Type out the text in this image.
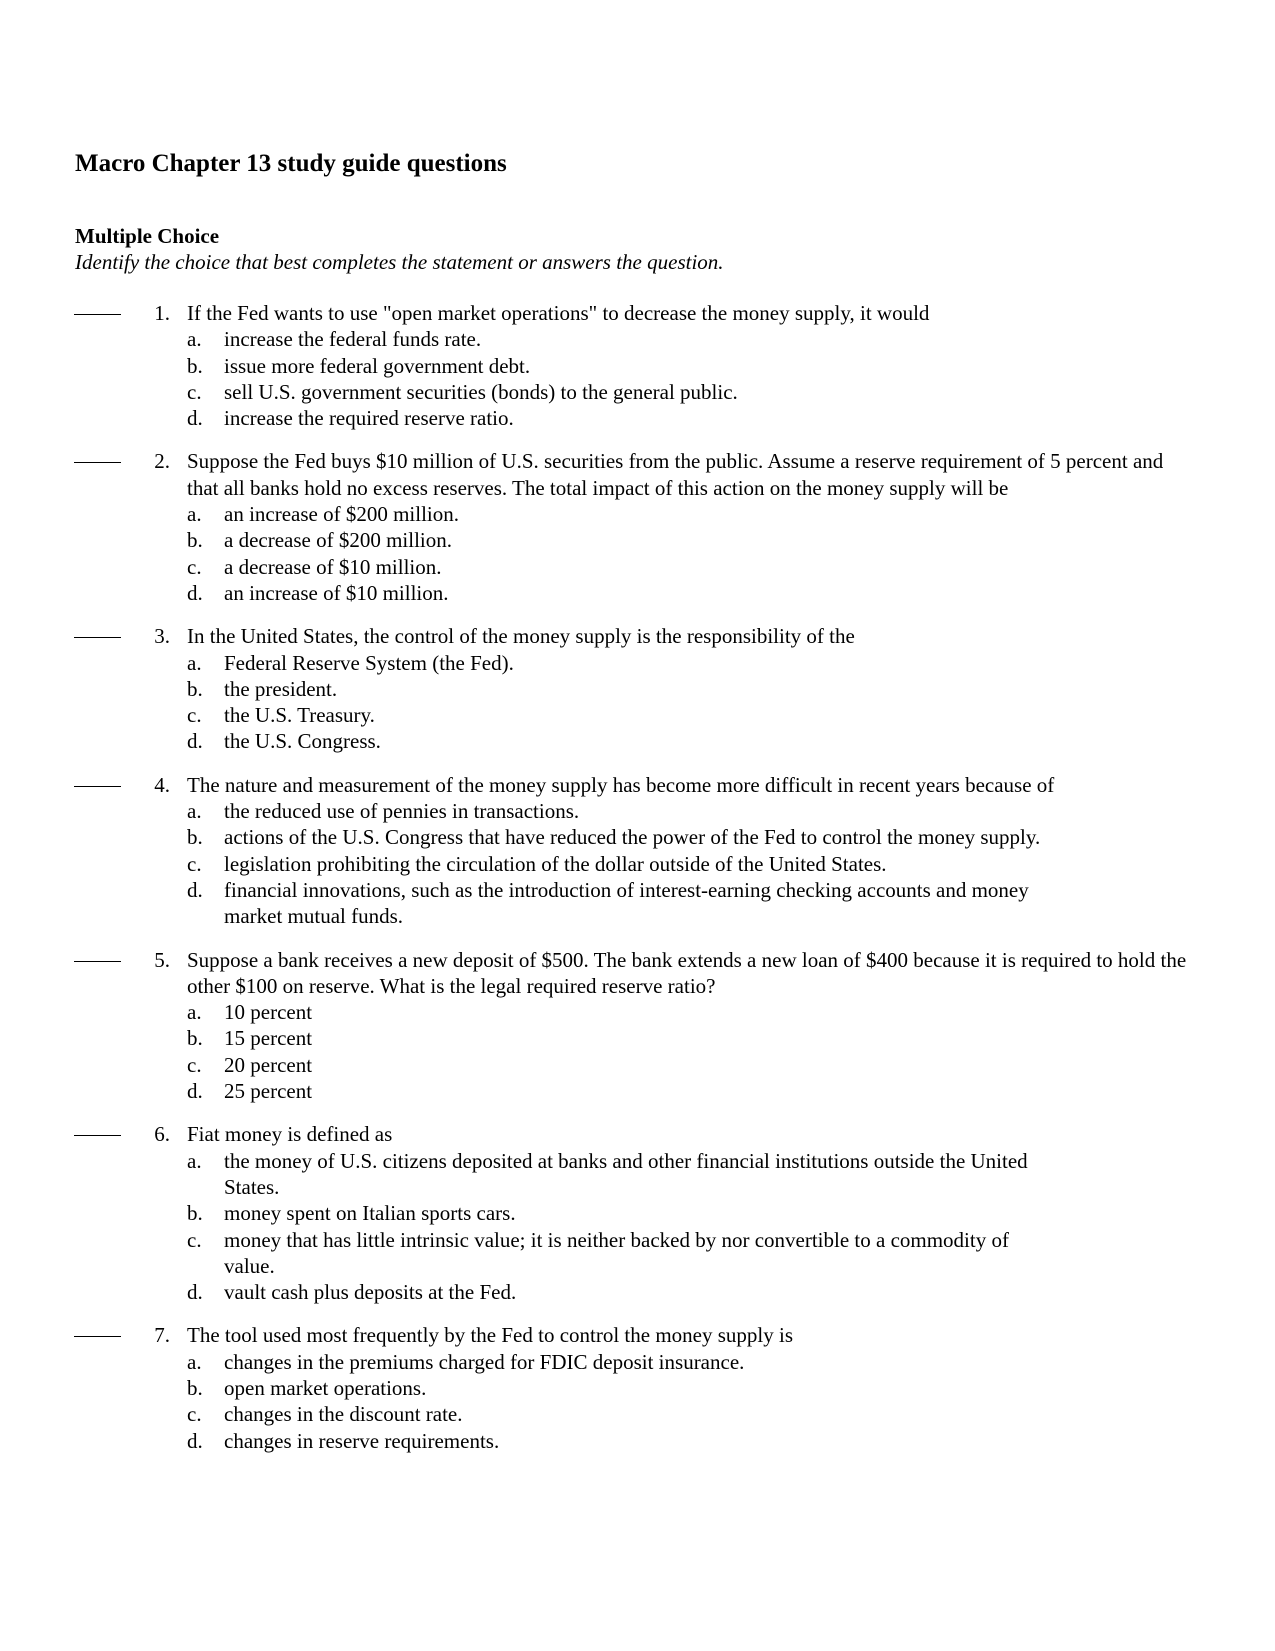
Macro Chapter 13 study guide questions
Multiple Choice
Identify the choice that best completes the statement or answers the question.
1. If the Fed wants to use "open market operations" to decrease the money supply, it would
a. increase the federal funds rate.
b. issue more federal government debt.
c. sell U.S. government securities (bonds) to the general public.
d. increase the required reserve ratio.
2. Suppose the Fed buys $10 million of U.S. securities from the public. Assume a reserve requirement of 5 percent and that all banks hold no excess reserves. The total impact of this action on the money supply will be
a. an increase of $200 million.
b. a decrease of $200 million.
c. a decrease of $10 million.
d. an increase of $10 million.
3. In the United States, the control of the money supply is the responsibility of the
a. Federal Reserve System (the Fed).
b. the president.
c. the U.S. Treasury.
d. the U.S. Congress.
4. The nature and measurement of the money supply has become more difficult in recent years because of
a. the reduced use of pennies in transactions.
b. actions of the U.S. Congress that have reduced the power of the Fed to control the money supply.
c. legislation prohibiting the circulation of the dollar outside of the United States.
d. financial innovations, such as the introduction of interest-earning checking accounts and money market mutual funds.
5. Suppose a bank receives a new deposit of $500. The bank extends a new loan of $400 because it is required to hold the other $100 on reserve. What is the legal required reserve ratio?
a. 10 percent
b. 15 percent
c. 20 percent
d. 25 percent
6. Fiat money is defined as
a. the money of U.S. citizens deposited at banks and other financial institutions outside the United States.
b. money spent on Italian sports cars.
c. money that has little intrinsic value; it is neither backed by nor convertible to a commodity of value.
d. vault cash plus deposits at the Fed.
7. The tool used most frequently by the Fed to control the money supply is
a. changes in the premiums charged for FDIC deposit insurance.
b. open market operations.
c. changes in the discount rate.
d. changes in reserve requirements.
